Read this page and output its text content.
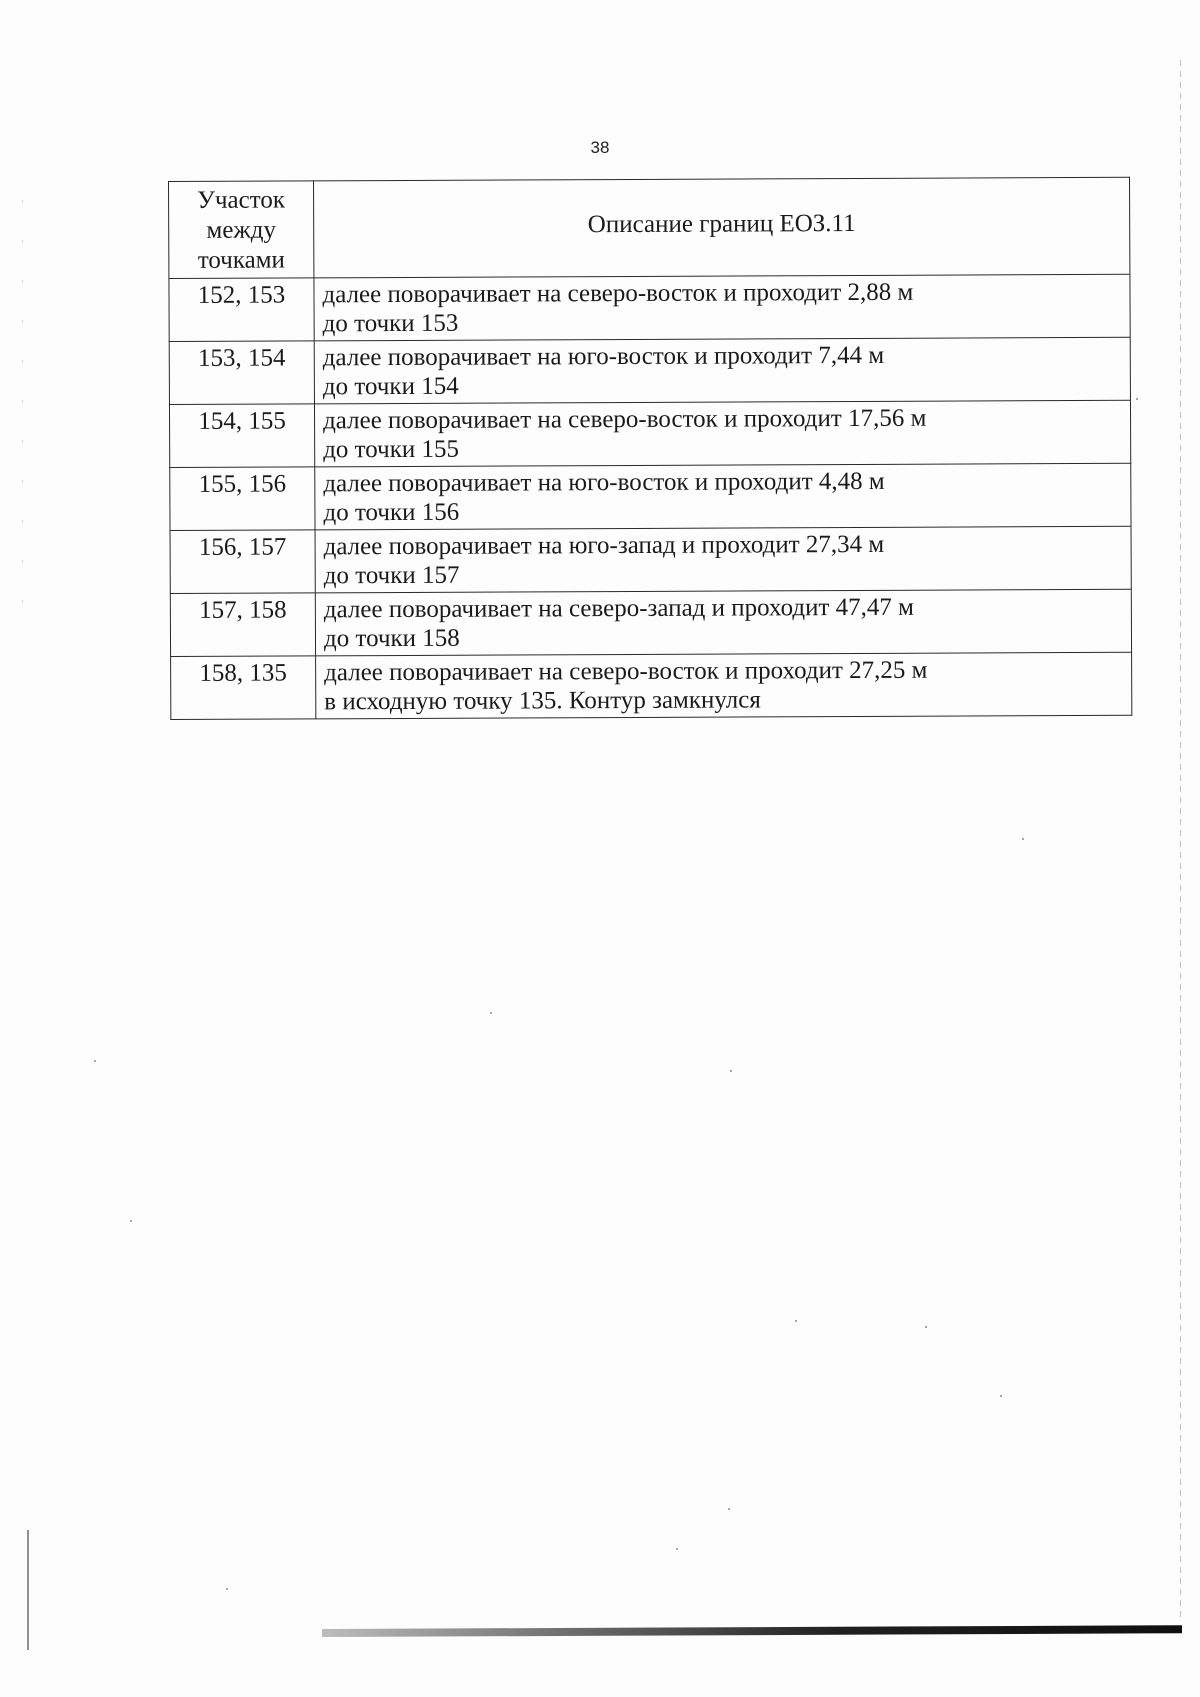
38
Участок
между
точками	Описание границ ЕОЗ.11
152, 153	далее поворачивает на северо-восток и проходит 2,88 м
до точки 153

153, 154	далее поворачивает на юго-восток и проходит 7,44 м
до точки 154

154, 155	далее поворачивает на северо-восток и проходит 17,56 м
до точки 155

155, 156	далее поворачивает на юго-восток и проходит 4,48 м
до точки 156

156, 157	далее поворачивает на юго-запад и проходит 27,34 м
до точки 157

157, 158	далее поворачивает на северо-запад и проходит 47,47 м
до точки 158

158, 135	далее поворачивает на северо-восток и проходит 27,25 м
в исходную точку 135. Контур замкнулся
